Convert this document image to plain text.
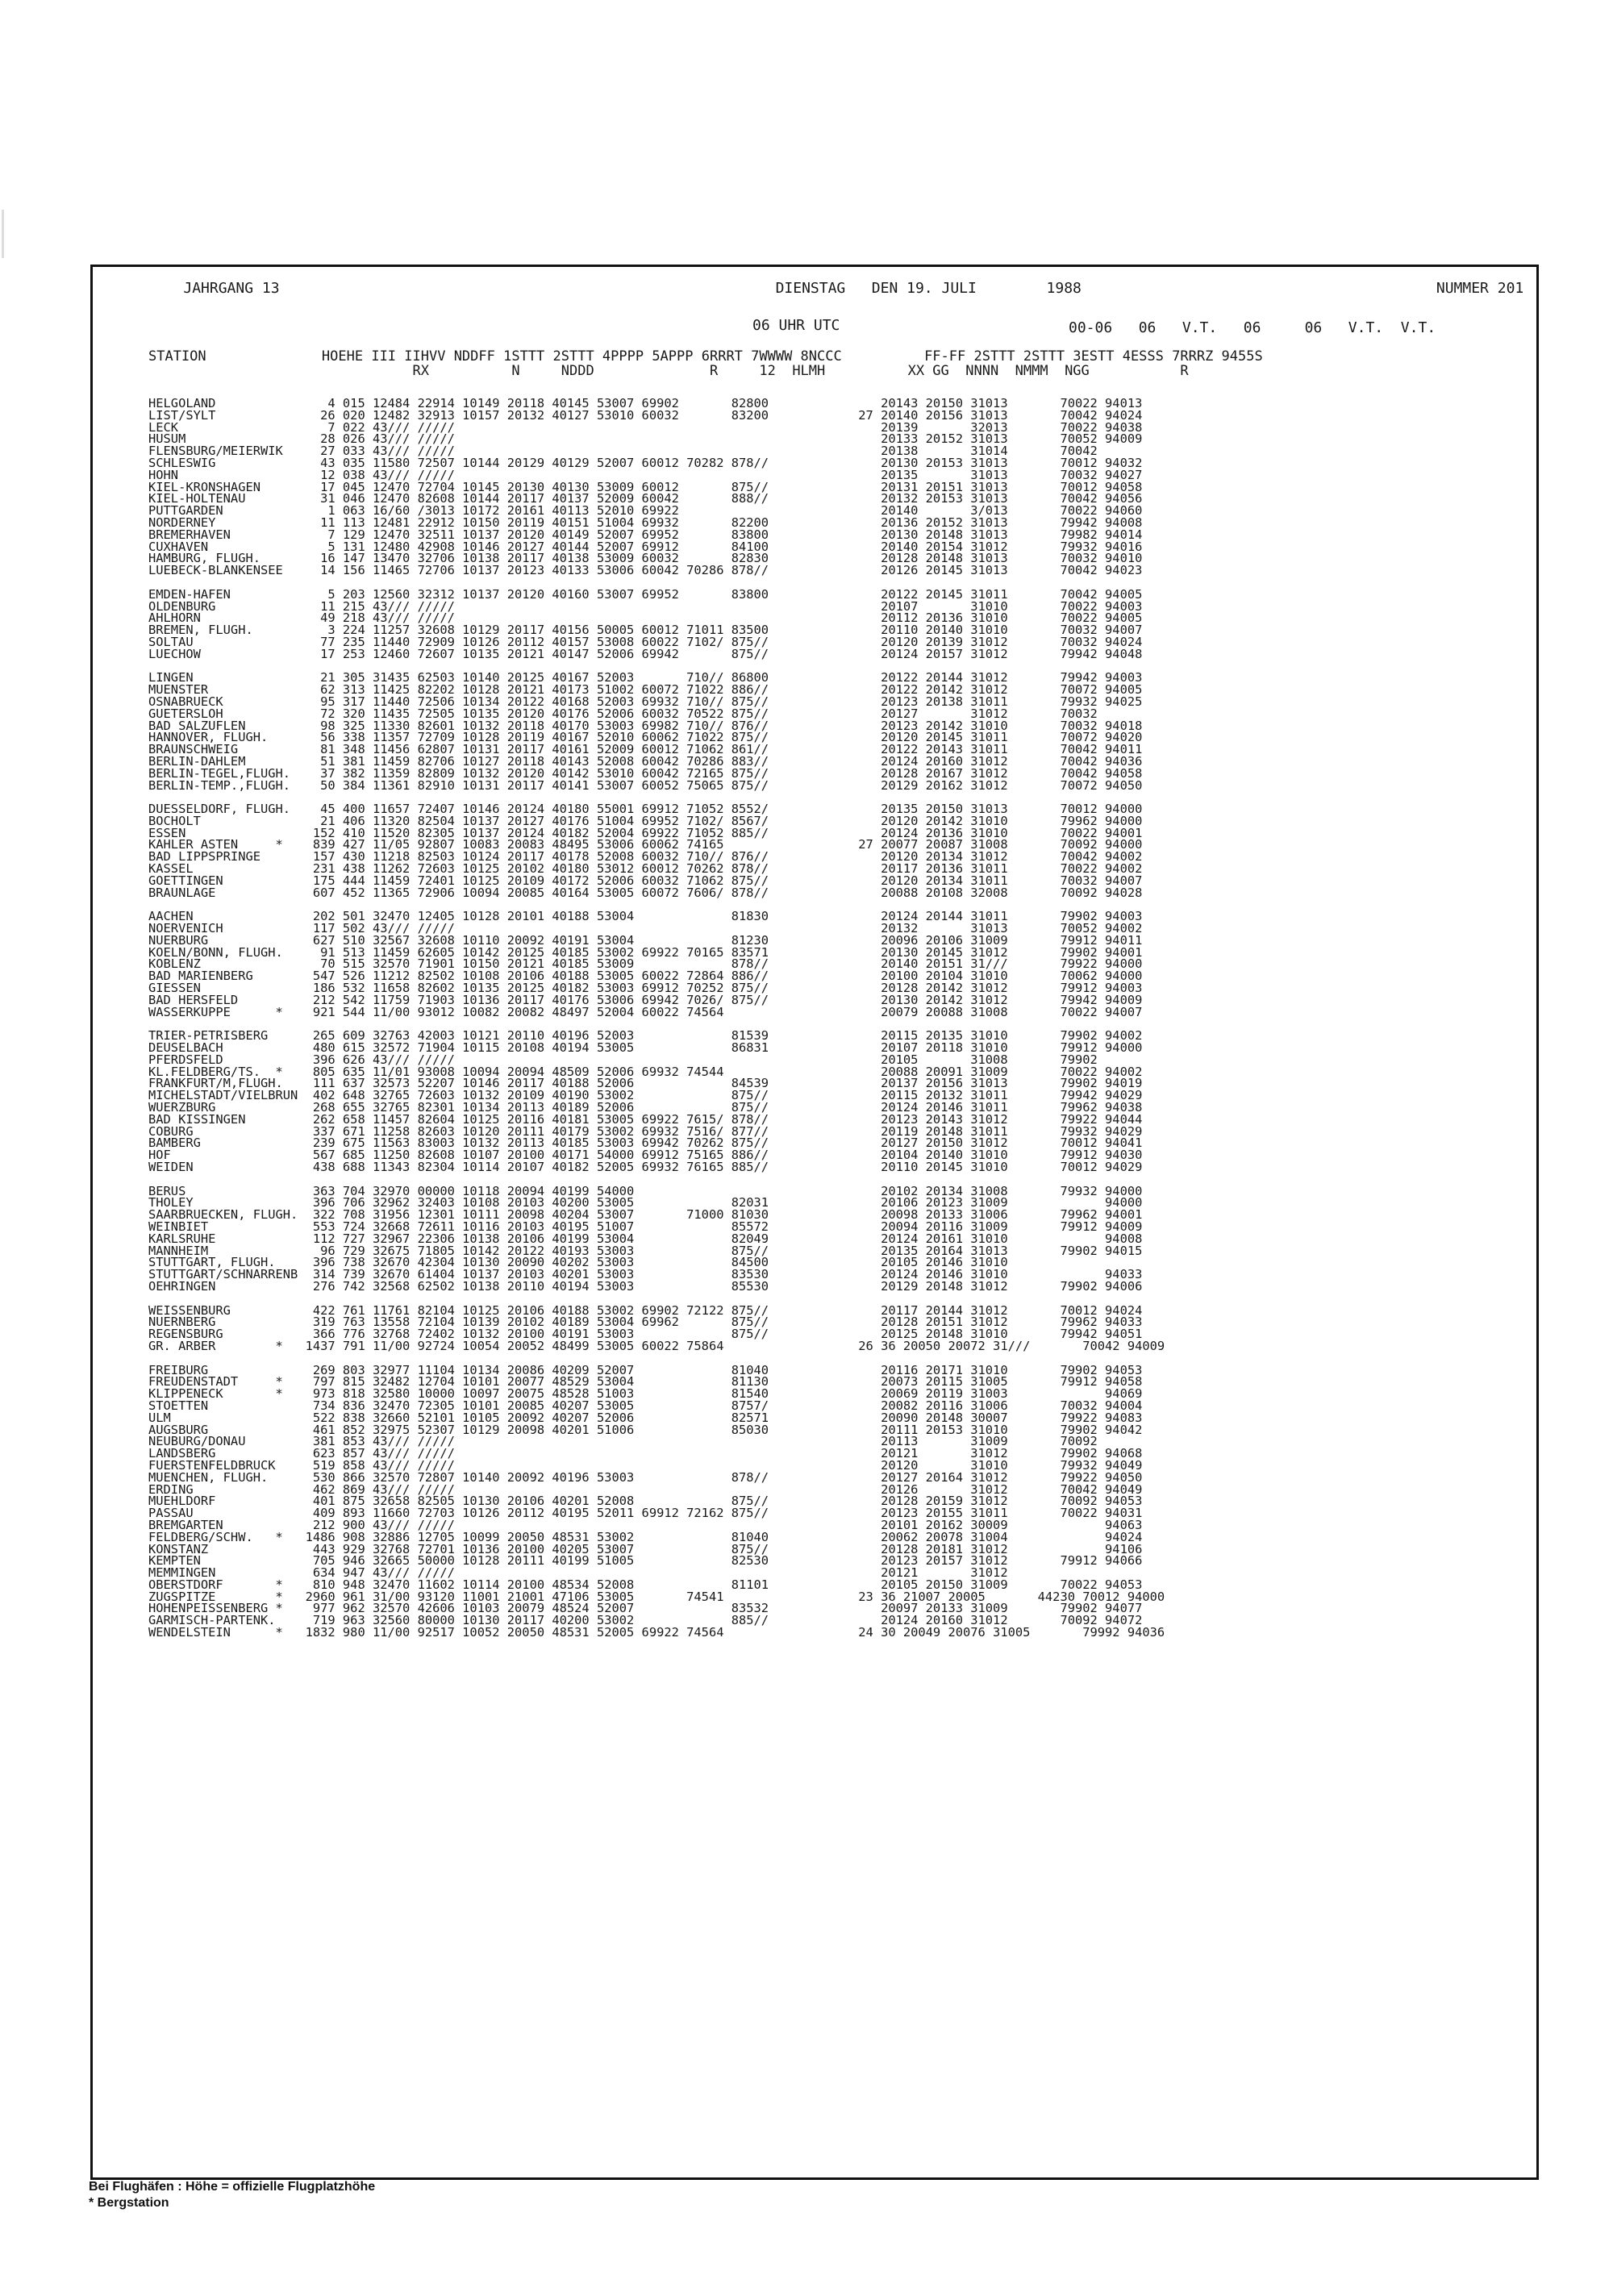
JAHRGANG 13	DIENSTAG   DEN 19. JULI        1988	NUMMER 201

06 UHR UTC	00-06   06   V.T.   06     06   V.T.  V.T.
STATION              HOEHE III IIHVV NDDFF 1STTT 2STTT 4PPPP 5APPP 6RRRT 7WWWW 8NCCC          FF-FF 2STTT 2STTT 3ESTT 4ESSS 7RRRZ 9455S
RX          N     NDDD              R     12  HLMH          XX GG  NNNN  NMMM  NGG           R
HELGOLAND               4 015 12484 22914 10149 20118 40145 53007 69902       82800               20143 20150 31013       70022 94013
LIST/SYLT              26 020 12482 32913 10157 20132 40127 53010 60032       83200            27 20140 20156 31013       70042 94024
LECK                    7 022 43/// /////                                                         20139       32013       70022 94038
HUSUM                  28 026 43/// /////                                                         20133 20152 31013       70052 94009
FLENSBURG/MEIERWIK     27 033 43/// /////                                                         20138       31014       70042
SCHLESWIG              43 035 11580 72507 10144 20129 40129 52007 60012 70282 878//               20130 20153 31013       70012 94032
HOHN                   12 038 43/// /////                                                         20135       31013       70032 94027
KIEL-KRONSHAGEN        17 045 12470 72704 10145 20130 40130 53009 60012       875//               20131 20151 31013       70012 94058
KIEL-HOLTENAU          31 046 12470 82608 10144 20117 40137 52009 60042       888//               20132 20153 31013       70042 94056
PUTTGARDEN              1 063 16/60 /3013 10172 20161 40113 52010 69922                           20140       3/013       70022 94060
NORDERNEY              11 113 12481 22912 10150 20119 40151 51004 69932       82200               20136 20152 31013       79942 94008
BREMERHAVEN             7 129 12470 32511 10137 20120 40149 52007 69952       83800               20130 20148 31013       79982 94014
CUXHAVEN                5 131 12480 42908 10146 20127 40144 52007 69912       84100               20140 20154 31012       79932 94016
HAMBURG, FLUGH.        16 147 13470 32706 10138 20117 40138 53009 60032       82830               20128 20148 31013       70032 94010
LUEBECK-BLANKENSEE     14 156 11465 72706 10137 20123 40133 53006 60042 70286 878//               20126 20145 31013       70042 94023
EMDEN-HAFEN             5 203 12560 32312 10137 20120 40160 53007 69952       83800               20122 20145 31011       70042 94005
OLDENBURG              11 215 43/// /////                                                         20107       31010       70022 94003
AHLHORN                49 218 43/// /////                                                         20112 20136 31010       70022 94005
BREMEN, FLUGH.          3 224 11257 32608 10129 20117 40156 50005 60012 71011 83500               20110 20140 31010       70032 94007
SOLTAU                 77 235 11440 72909 10126 20112 40157 53008 60022 7102/ 875//               20120 20139 31012       70032 94024
LUECHOW                17 253 12460 72607 10135 20121 40147 52006 69942       875//               20124 20157 31012       79942 94048
LINGEN                 21 305 31435 62503 10140 20125 40167 52003       710// 86800               20122 20144 31012       79942 94003
MUENSTER               62 313 11425 82202 10128 20121 40173 51002 60072 71022 886//               20122 20142 31012       70072 94005
OSNABRUECK             95 317 11440 72506 10134 20122 40168 52003 69932 710// 875//               20123 20138 31011       79932 94025
GUETERSLOH             72 320 11435 72505 10135 20120 40176 52006 60032 70522 875//               20127       31012       70032
BAD SALZUFLEN          98 325 11330 82601 10132 20118 40170 53003 69982 710// 876//               20123 20142 31010       70032 94018
HANNOVER, FLUGH.       56 338 11357 72709 10128 20119 40167 52010 60062 71022 875//               20120 20145 31011       70072 94020
BRAUNSCHWEIG           81 348 11456 62807 10131 20117 40161 52009 60012 71062 861//               20122 20143 31011       70042 94011
BERLIN-DAHLEM          51 381 11459 82706 10127 20118 40143 52008 60042 70286 883//               20124 20160 31012       70042 94036
BERLIN-TEGEL,FLUGH.    37 382 11359 82809 10132 20120 40142 53010 60042 72165 875//               20128 20167 31012       70042 94058
BERLIN-TEMP.,FLUGH.    50 384 11361 82910 10131 20117 40141 53007 60052 75065 875//               20129 20162 31012       70072 94050
DUESSELDORF, FLUGH.    45 400 11657 72407 10146 20124 40180 55001 69912 71052 8552/               20135 20150 31013       70012 94000
BOCHOLT                21 406 11320 82504 10137 20127 40176 51004 69952 7102/ 8567/               20120 20142 31010       79962 94000
ESSEN                 152 410 11520 82305 10137 20124 40182 52004 69922 71052 885//               20124 20136 31010       70022 94001
KAHLER ASTEN     *    839 427 11/05 92807 10083 20083 48495 53006 60062 74165                  27 20077 20087 31008       70092 94000
BAD LIPPSPRINGE       157 430 11218 82503 10124 20117 40178 52008 60032 710// 876//               20120 20134 31012       70042 94002
KASSEL                231 438 11262 72603 10125 20102 40180 53012 60012 70262 878//               20117 20136 31011       70022 94002
GOETTINGEN            175 444 11459 72401 10125 20109 40172 52006 60032 71062 875//               20120 20134 31011       70032 94007
BRAUNLAGE             607 452 11365 72906 10094 20085 40164 53005 60072 7606/ 878//               20088 20108 32008       70092 94028
AACHEN                202 501 32470 12405 10128 20101 40188 53004             81830               20124 20144 31011       79902 94003
NOERVENICH            117 502 43/// /////                                                         20132       31013       70052 94002
NUERBURG              627 510 32567 32608 10110 20092 40191 53004             81230               20096 20106 31009       79912 94011
KOELN/BONN, FLUGH.     91 513 11459 62605 10142 20125 40185 53002 69922 70165 83571               20130 20145 31012       79902 94001
KOBLENZ                70 515 32570 71901 10150 20121 40185 53009             878//               20140 20151 31///       79922 94000
BAD MARIENBERG        547 526 11212 82502 10108 20106 40188 53005 60022 72864 886//               20100 20104 31010       70062 94000
GIESSEN               186 532 11658 82602 10135 20125 40182 53003 69912 70252 875//               20128 20142 31012       79912 94003
BAD HERSFELD          212 542 11759 71903 10136 20117 40176 53006 69942 7026/ 875//               20130 20142 31012       79942 94009
WASSERKUPPE      *    921 544 11/00 93012 10082 20082 48497 52004 60022 74564                     20079 20088 31008       70022 94007
TRIER-PETRISBERG      265 609 32763 42003 10121 20110 40196 52003             81539               20115 20135 31010       79902 94002
DEUSELBACH            480 615 32572 71904 10115 20108 40194 53005             86831               20107 20118 31010       79912 94000
PFERDSFELD            396 626 43/// /////                                                         20105       31008       79902
KL.FELDBERG/TS.  *    805 635 11/01 93008 10094 20094 48509 52006 69932 74544                     20088 20091 31009       70022 94002
FRANKFURT/M,FLUGH.    111 637 32573 52207 10146 20117 40188 52006             84539               20137 20156 31013       79902 94019
MICHELSTADT/VIELBRUN  402 648 32765 72603 10132 20109 40190 53002             875//               20115 20132 31011       79942 94029
WUERZBURG             268 655 32765 82301 10134 20113 40189 52006             875//               20124 20146 31011       79962 94038
BAD KISSINGEN         262 658 11457 82604 10125 20116 40181 53005 69922 7615/ 878//               20123 20143 31012       79922 94044
COBURG                337 671 11258 82603 10120 20111 40179 53002 69932 7516/ 877//               20119 20148 31011       79932 94029
BAMBERG               239 675 11563 83003 10132 20113 40185 53003 69942 70262 875//               20127 20150 31012       70012 94041
HOF                   567 685 11250 82608 10107 20100 40171 54000 69912 75165 886//               20104 20140 31010       79912 94030
WEIDEN                438 688 11343 82304 10114 20107 40182 52005 69932 76165 885//               20110 20145 31010       70012 94029
BERUS                 363 704 32970 00000 10118 20094 40199 54000                                 20102 20134 31008       79932 94000
THOLEY                396 706 32962 32403 10108 20103 40200 53005             82031               20106 20123 31009             94000
SAARBRUECKEN, FLUGH.  322 708 31956 12301 10111 20098 40204 53007       71000 81030               20098 20133 31006       79962 94001
WEINBIET              553 724 32668 72611 10116 20103 40195 51007             85572               20094 20116 31009       79912 94009
KARLSRUHE             112 727 32967 22306 10138 20106 40199 53004             82049               20124 20161 31010             94008
MANNHEIM               96 729 32675 71805 10142 20122 40193 53003             875//               20135 20164 31013       79902 94015
STUTTGART, FLUGH.     396 738 32670 42304 10130 20090 40202 53003             84500               20105 20146 31010
STUTTGART/SCHNARRENB  314 739 32670 61404 10137 20103 40201 53003             83530               20124 20146 31010             94033
OEHRINGEN             276 742 32568 62502 10138 20110 40194 53003             85530               20129 20148 31012       79902 94006
WEISSENBURG           422 761 11761 82104 10125 20106 40188 53002 69902 72122 875//               20117 20144 31012       70012 94024
NUERNBERG             319 763 13558 72104 10139 20102 40189 53004 69962       875//               20128 20151 31012       79962 94033
REGENSBURG            366 776 32768 72402 10132 20100 40191 53003             875//               20125 20148 31010       79942 94051
GR. ARBER        *   1437 791 11/00 92724 10054 20052 48499 53005 60022 75864                  26 36 20050 20072 31///       70042 94009
FREIBURG              269 803 32977 11104 10134 20086 40209 52007             81040               20116 20171 31010       79902 94053
FREUDENSTADT     *    797 815 32482 12704 10101 20077 48529 53004             81130               20073 20115 31005       79912 94058
KLIPPENECK       *    973 818 32580 10000 10097 20075 48528 51003             81540               20069 20119 31003             94069
STOETTEN              734 836 32470 72305 10101 20085 40207 53005             8757/               20082 20116 31006       70032 94004
ULM                   522 838 32660 52101 10105 20092 40207 52006             82571               20090 20148 30007       79922 94083
AUGSBURG              461 852 32975 52307 10129 20098 40201 51006             85030               20111 20153 31010       79902 94042
NEUBURG/DONAU         381 853 43/// /////                                                         20113       31009       70092
LANDSBERG             623 857 43/// /////                                                         20121       31012       79902 94068
FUERSTENFELDBRUCK     519 858 43/// /////                                                         20120       31010       79932 94049
MUENCHEN, FLUGH.      530 866 32570 72807 10140 20092 40196 53003             878//               20127 20164 31012       79922 94050
ERDING                462 869 43/// /////                                                         20126       31012       70042 94049
MUEHLDORF             401 875 32658 82505 10130 20106 40201 52008             875//               20128 20159 31012       70092 94053
PASSAU                409 893 11660 72703 10126 20112 40195 52011 69912 72162 875//               20123 20155 31011       70022 94031
BREMGARTEN            212 900 43/// /////                                                         20101 20162 30009             94063
FELDBERG/SCHW.   *   1486 908 32886 12705 10099 20050 48531 53002             81040               20062 20078 31004             94024
KONSTANZ              443 929 32768 72701 10136 20100 40205 53007             875//               20128 20181 31012             94106
KEMPTEN               705 946 32665 50000 10128 20111 40199 51005             82530               20123 20157 31012       79912 94066
MEMMINGEN             634 947 43/// /////                                                         20121       31012
OBERSTDORF       *    810 948 32470 11602 10114 20100 48534 52008             81101               20105 20150 31009       70022 94053
ZUGSPITZE        *   2960 961 31/00 93120 11001 21001 47106 53005       74541                  23 36 21007 20005       44230 70012 94000
HOHENPEISSENBERG *    977 962 32570 42606 10103 20079 48524 52007             83532               20097 20133 31009       79902 94077
GARMISCH-PARTENK.     719 963 32560 80000 10130 20117 40200 53002             885//               20124 20160 31012       70092 94072
WENDELSTEIN      *   1832 980 11/00 92517 10052 20050 48531 52005 69922 74564                  24 30 20049 20076 31005       79992 94036
Bei Flughäfen : Höhe = offizielle Flugplatzhöhe
* Bergstation
